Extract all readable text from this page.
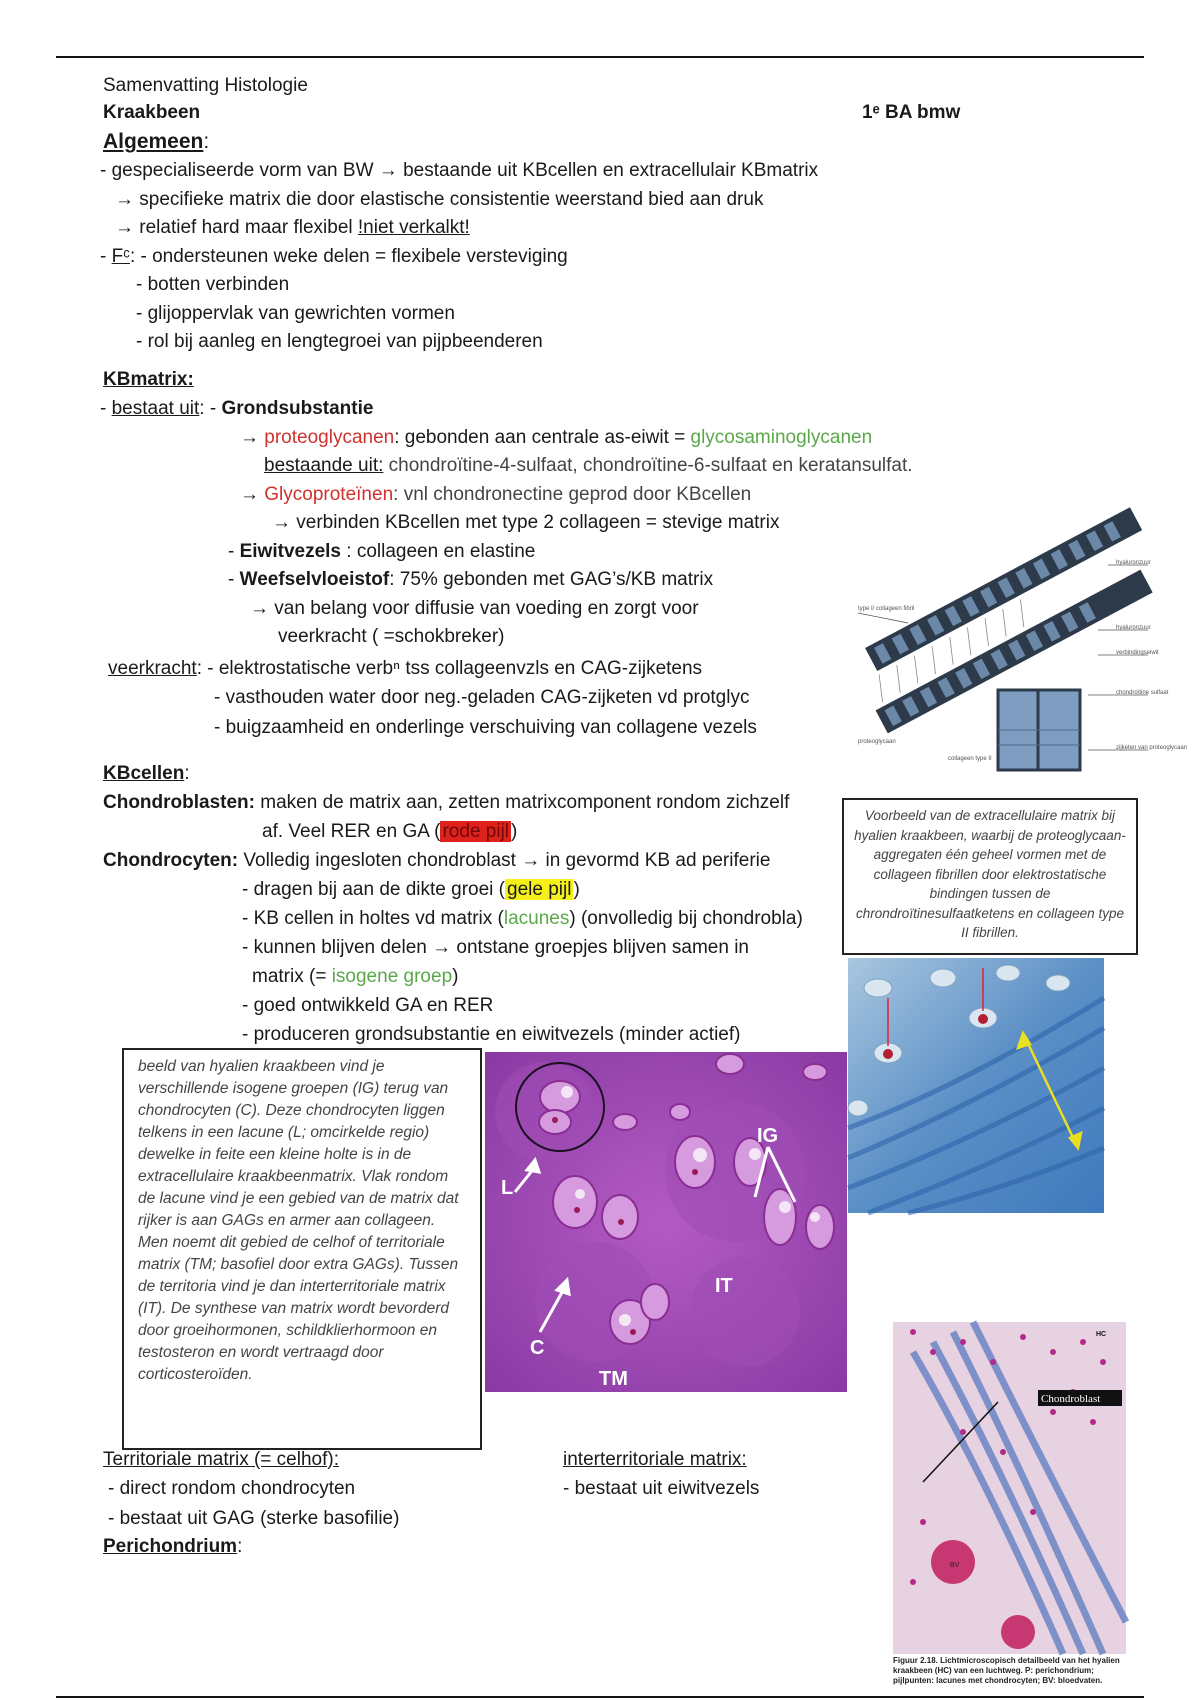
Samenvatting Histologie
Kraakbeen	1ᵉ BA bmw
Algemeen:
- gespecialiseerde vorm van BW → bestaande uit KBcellen en extracellulair KBmatrix
→ specifieke matrix die door elastische consistentie weerstand bied aan druk
→ relatief hard maar flexibel !niet verkalkt!
- Fᶜ: - ondersteunen weke delen = flexibele versteviging
- botten verbinden
- glijoppervlak van gewrichten vormen
- rol bij aanleg en lengtegroei van pijpbeenderen
KBmatrix:
- bestaat uit: - Grondsubstantie
→ proteoglycanen: gebonden aan centrale as-eiwit = glycosaminoglycanen
bestaande uit: chondroïtine-4-sulfaat, chondroïtine-6-sulfaat en keratansulfat.
→ Glycoproteïnen: vnl chondronectine geprod door KBcellen
→ verbinden KBcellen met type 2 collageen = stevige matrix
- Eiwitvezels : collageen en elastine
- Weefselvloeistof: 75% gebonden met GAG’s/KB matrix
→ van belang voor diffusie van voeding en zorgt voor
veerkracht ( =schokbreker)
veerkracht: - elektrostatische verbⁿ tss collageenvzls en CAG-zijketens
- vasthouden water door neg.-geladen CAG-zijketen vd protglyc
- buigzaamheid en onderlinge verschuiving van collagene vezels
type I/ collageen fibril
proteoglycaan
collageen type II
hyaluronzuur
hyaluronzuur
verbindingseiwit
chondroïtine sulfaat
zijketen van proteoglycaan
KBcellen:
Chondroblasten: maken de matrix aan, zetten matrixcomponent rondom zichzelf
af. Veel RER en GA ( rode pijl )
Chondrocyten: Volledig ingesloten chondroblast → in gevormd KB ad periferie
- dragen bij aan de dikte groei ( gele pijl )
- KB cellen in holtes vd matrix (lacunes) (onvolledig bij chondrobla)
- kunnen blijven delen → ontstane groepjes blijven samen in
matrix (= isogene groep)
- goed ontwikkeld GA en RER
- produceren grondsubstantie en eiwitvezels (minder actief)
Voorbeeld van de extracellulaire matrix bij hyalien kraakbeen, waarbij de proteoglycaan-aggregaten één geheel vormen met de collageen fibrillen door elektrostatische bindingen tussen de chrondroïtinesulfaatketens en collageen type II fibrillen.
beeld van hyalien kraakbeen vind je verschillende isogene groepen (IG) terug van chondrocyten (C). Deze chondrocyten liggen telkens in een lacune (L; omcirkelde regio) dewelke in feite een kleine holte is in de extracellulaire kraakbeenmatrix. Vlak rondom de lacune vind je een gebied van de matrix dat rijker is aan GAGs en armer aan collageen. Men noemt dit gebied de celhof of territoriale matrix (TM; basofiel door extra GAGs). Tussen de territoria vind je dan interterritoriale matrix (IT). De synthese van matrix wordt bevorderd door groeihormonen, schildklierhormoon en testosteron en wordt vertraagd door corticosteroïden.
L
IG
IT
C
TM
Chondroblast
HC
BV
Figuur 2.18. Lichtmicroscopisch detailbeeld van het hyalien kraakbeen (HC) van een luchtweg. P: perichondrium; pijlpunten: lacunes met chondrocyten; BV: bloedvaten.
Territoriale matrix (= celhof):
- direct rondom chondrocyten
- bestaat uit GAG (sterke basofilie)
interterritoriale matrix:
- bestaat uit eiwitvezels
Perichondrium:
